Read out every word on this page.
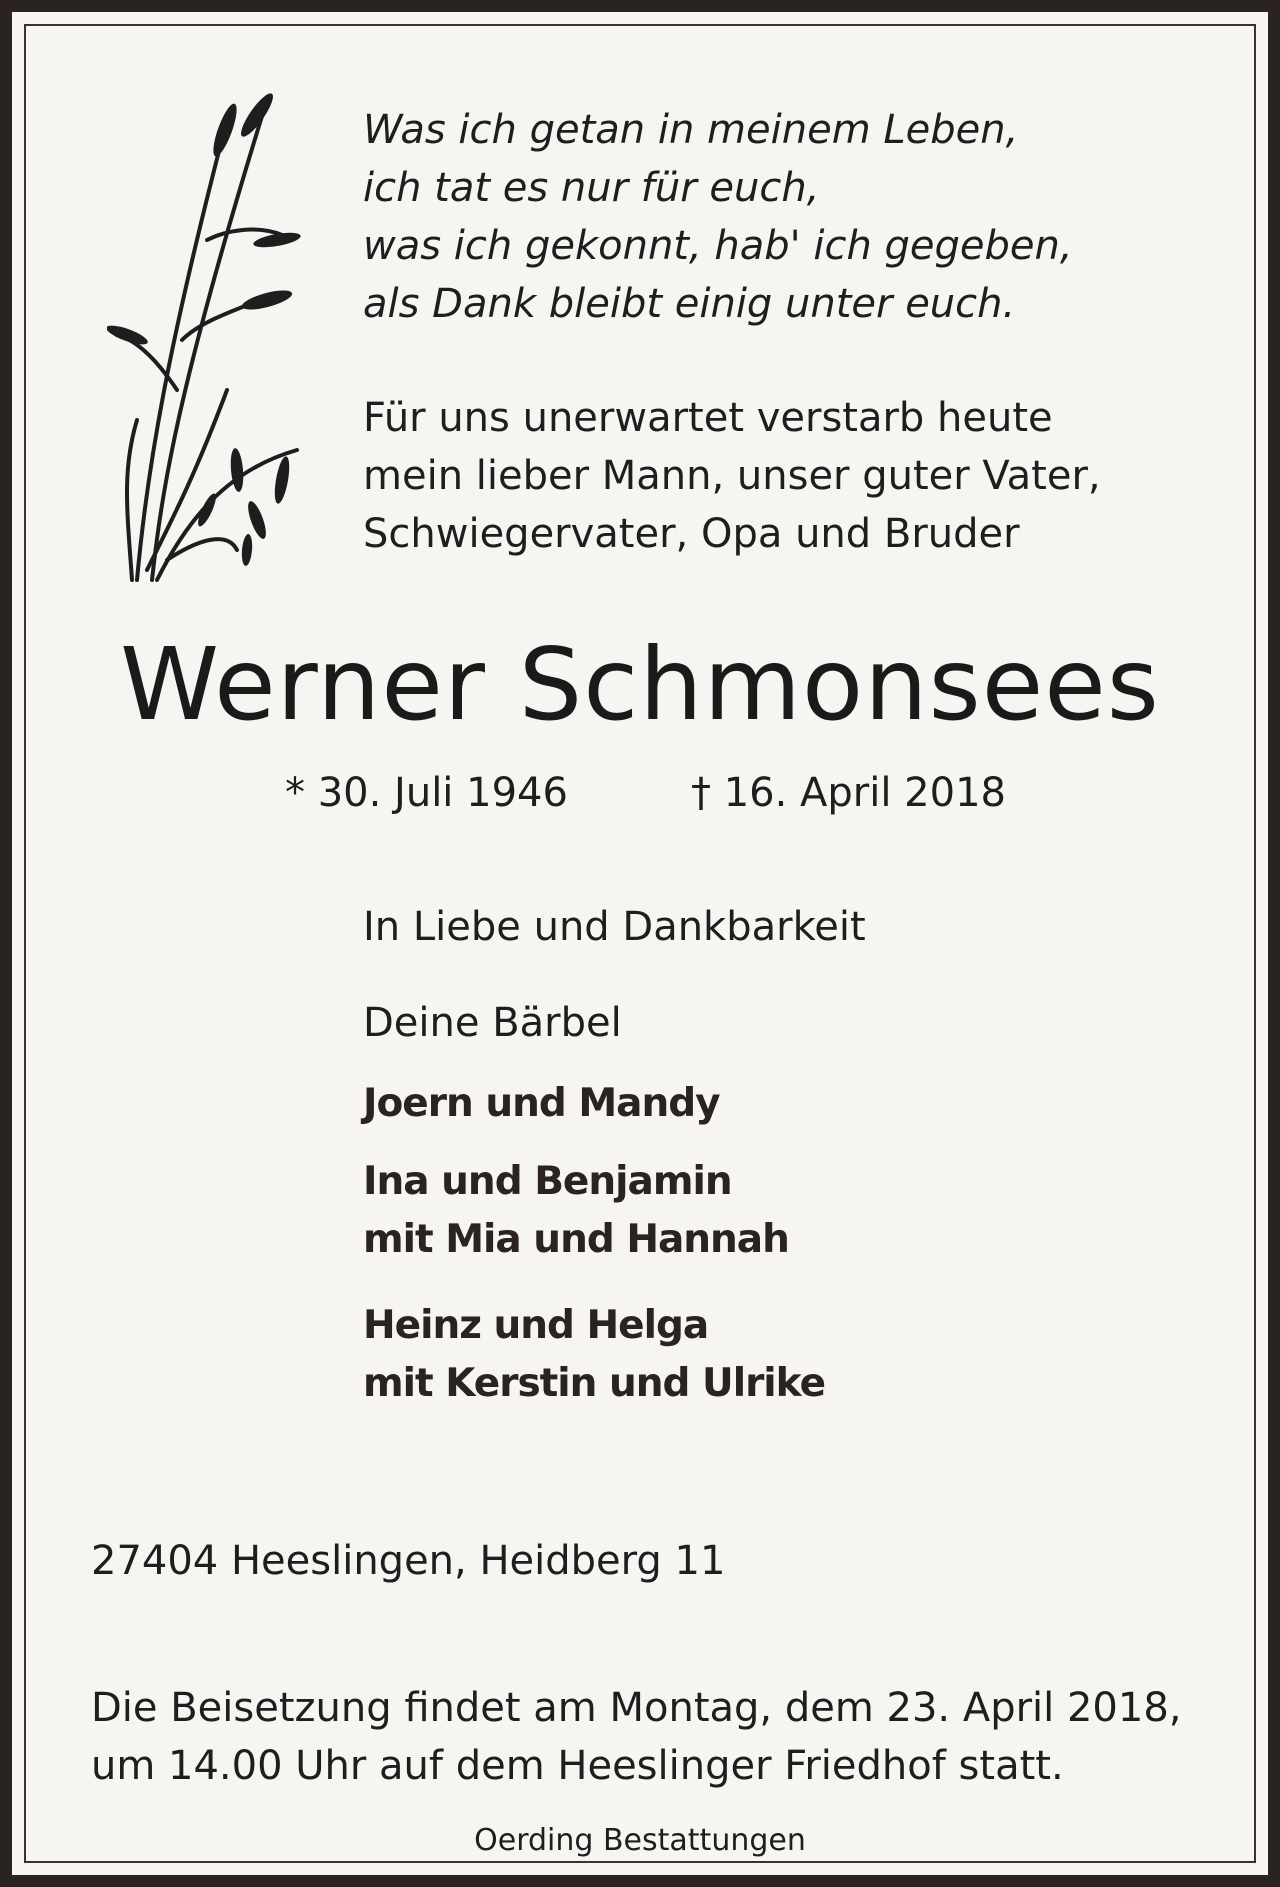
Was ich getan in meinem Leben,
ich tat es nur für euch,
was ich gekonnt, hab' ich gegeben,
als Dank bleibt einig unter euch.
Für uns unerwartet verstarb heute
mein lieber Mann, unser guter Vater,
Schwiegervater, Opa und Bruder
Werner Schmonsees
* 30. Juli 1946	† 16. April 2018
In Liebe und Dankbarkeit
Deine Bärbel
Joern und Mandy
Ina und Benjamin
mit Mia und Hannah
Heinz und Helga
mit Kerstin und Ulrike
27404 Heeslingen, Heidberg 11
Die Beisetzung findet am Montag, dem 23. April 2018,
um 14.00 Uhr auf dem Heeslinger Friedhof statt.
Oerding Bestattungen
